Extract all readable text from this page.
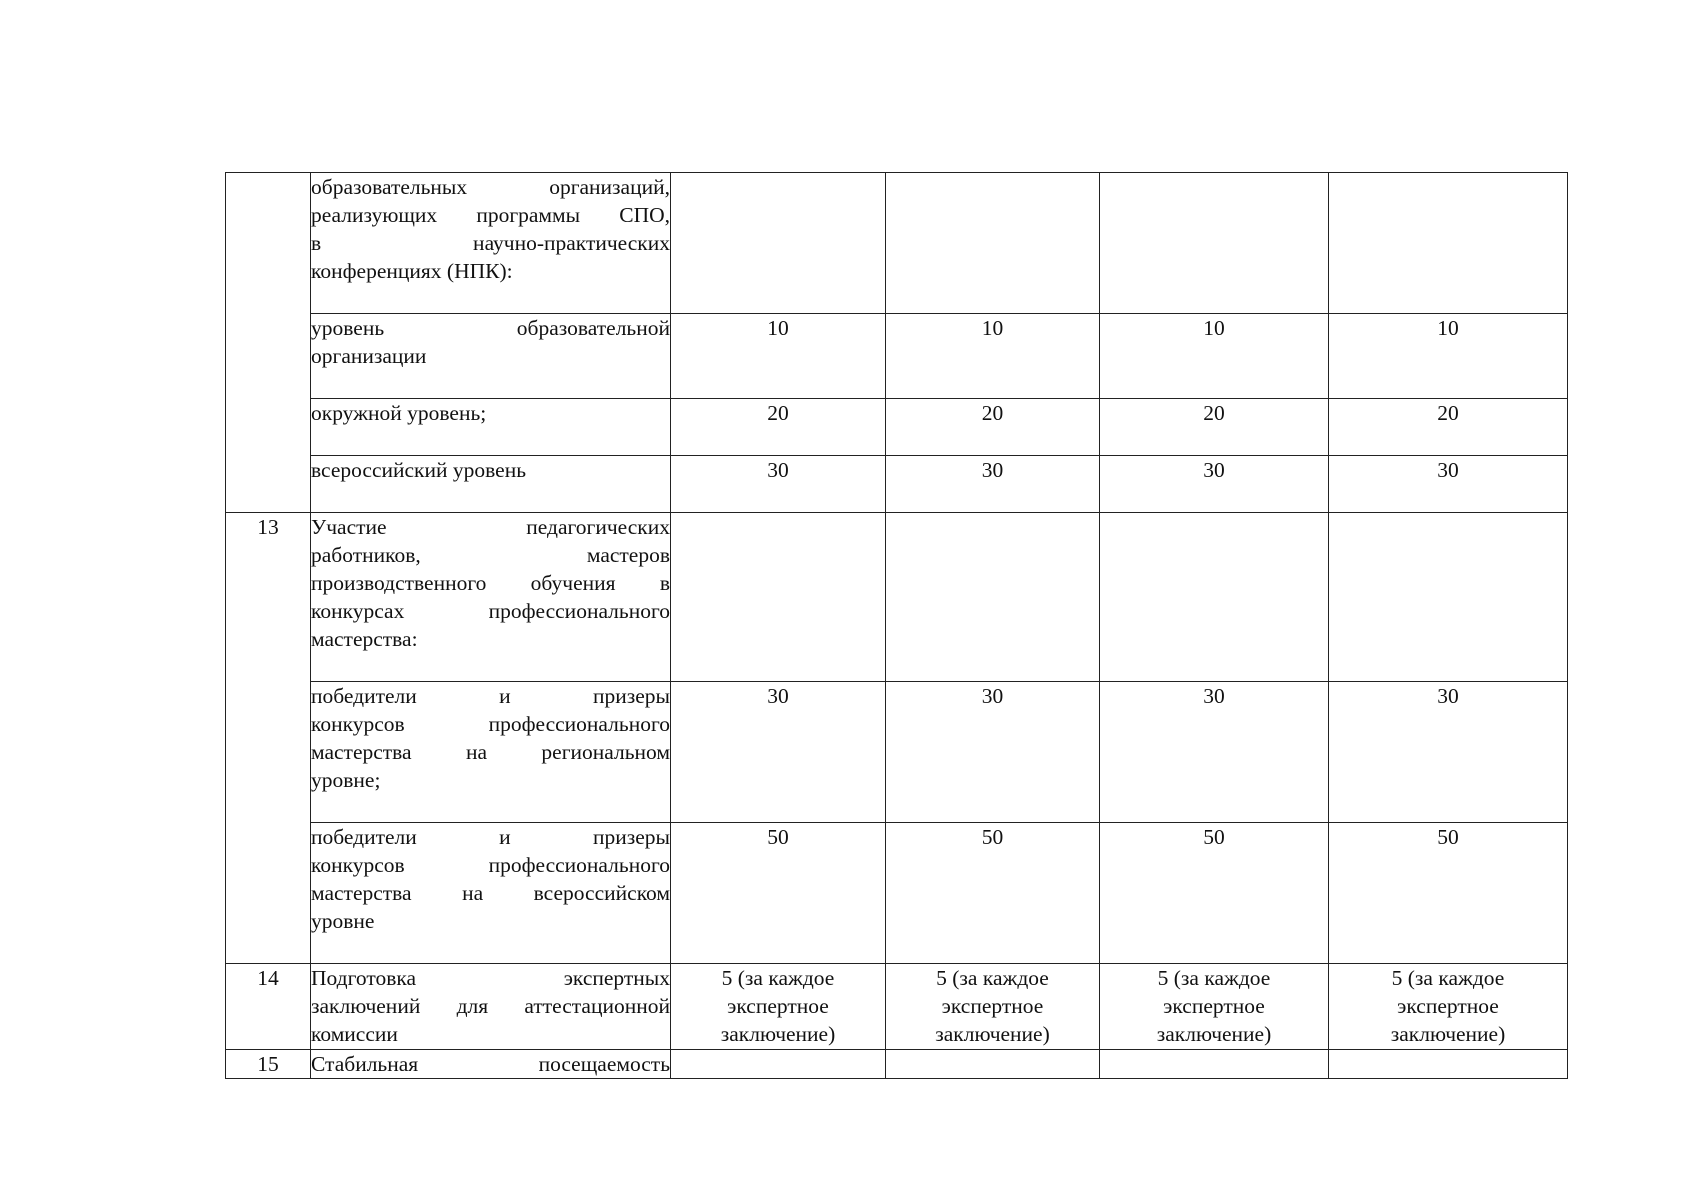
	образовательных организаций,
реализующих программы СПО,
в научно-практических
конференциях (НПК):				

	уровень образовательной
организации	10	10	10	10

	окружной уровень;	20	20	20	20

	всероссийский уровень	30	30	30	30
13	Участие педагогических
работников, мастеров
производственного обучения в
конкурсах профессионального
мастерства:				

	победители и призеры
конкурсов профессионального
мастерства на региональном
уровне;	30	30	30	30

	победители и призеры
конкурсов профессионального
мастерства на всероссийском
уровне	50	50	50	50
14	Подготовка экспертных
заключений для аттестационной
комиссии	5 (за каждое
экспертное
заключение)	5 (за каждое
экспертное
заключение)	5 (за каждое
экспертное
заключение)	5 (за каждое
экспертное
заключение)

15	Стабильная посещаемость				
